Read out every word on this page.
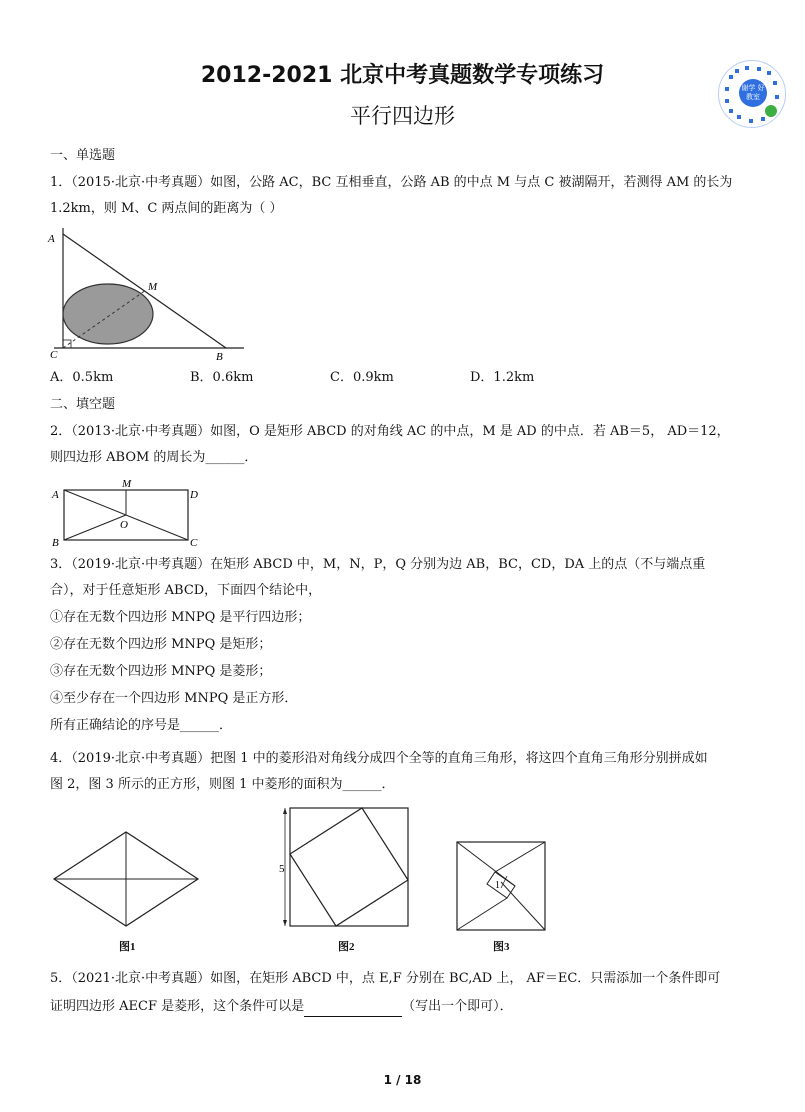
2012-2021 北京中考真题数学专项练习
平行四边形
谢学 好教室
一、单选题
1．（2015·北京·中考真题）如图，公路 AC，BC 互相垂直，公路 AB 的中点 M 与点 C 被湖隔开，若测得 AM 的长为
1.2km，则 M、C 两点间的距离为（ ）
A
M
C	B
A．0.5km	B．0.6km	C．0.9km	D．1.2km
二、填空题
2．（2013·北京·中考真题）如图，O 是矩形 ABCD 的对角线 AC 的中点，M 是 AD 的中点．若 AB＝5， AD＝12，
则四边形 ABOM 的周长为______．
A
M
D
O
B	C
3．（2019·北京·中考真题）在矩形 ABCD 中，M，N，P，Q 分别为边 AB，BC，CD，DA 上的点（不与端点重
合），对于任意矩形 ABCD，下面四个结论中，
①存在无数个四边形 MNPQ 是平行四边形；
②存在无数个四边形 MNPQ 是矩形；
③存在无数个四边形 MNPQ 是菱形；
④至少存在一个四边形 MNPQ 是正方形．
所有正确结论的序号是______．
4．（2019·北京·中考真题）把图 1 中的菱形沿对角线分成四个全等的直角三角形，将这四个直角三角形分别拼成如
图 2，图 3 所示的正方形，则图 1 中菱形的面积为______．
图1
5
图2
1
图3
5．（2021·北京·中考真题）如图，在矩形 ABCD 中，点 E,F 分别在 BC,AD 上， AF＝EC．只需添加一个条件即可
证明四边形 AECF 是菱形，这个条件可以是	（写出一个即可）．
1 / 18
